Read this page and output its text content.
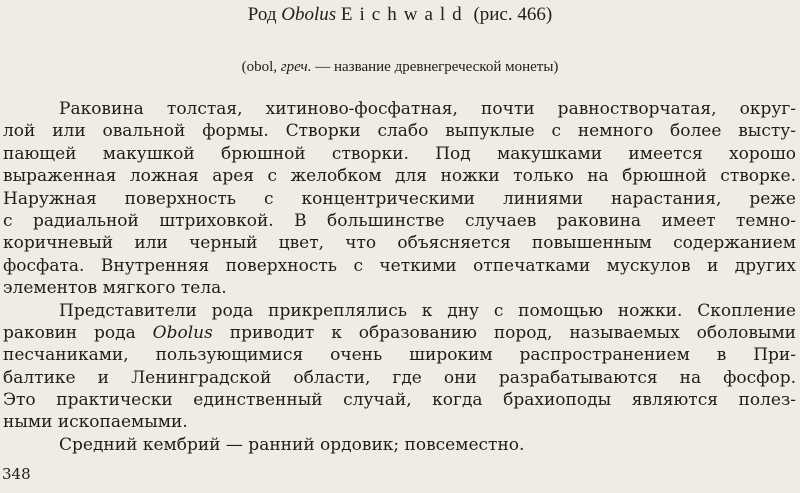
Род Obolus Eichwald (рис. 466)
(obol, греч. — название древнегреческой монеты)
Раковина толстая, хитиново-фосфатная, почти равностворчатая, округ-
лой или овальной формы. Створки слабо выпуклые с немного более высту-
пающей макушкой брюшной створки. Под макушками имеется хорошо
выраженная ложная арея с желобком для ножки только на брюшной створке.
Наружная поверхность с концентрическими линиями нарастания, реже
с радиальной штриховкой. В большинстве случаев раковина имеет темно-
коричневый или черный цвет, что объясняется повышенным содержанием
фосфата. Внутренняя поверхность с четкими отпечатками мускулов и других
элементов мягкого тела.
Представители рода прикреплялись к дну с помощью ножки. Скопление
раковин рода Obolus приводит к образованию пород, называемых оболовыми
песчаниками, пользующимися очень широким распространением в При-
балтике и Ленинградской области, где они разрабатываются на фосфор.
Это практически единственный случай, когда брахиоподы являются полез-
ными ископаемыми.
Средний кембрий — ранний ордовик; повсеместно.
348
